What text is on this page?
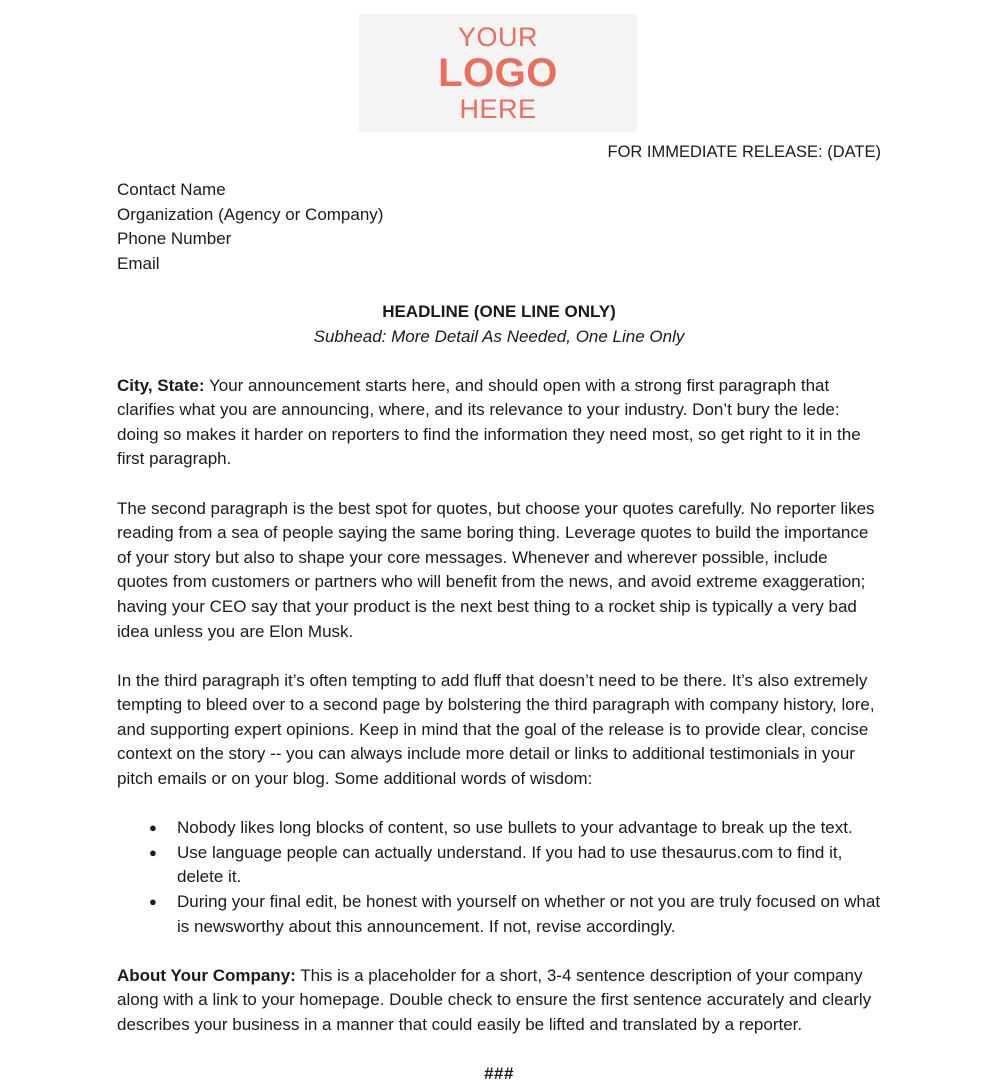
YOUR
LOGO
HERE

FOR IMMEDIATE RELEASE: (DATE)

Contact Name

Organization (Agency or Company)

Phone Number

Email

HEADLINE (ONE LINE ONLY)

Subhead: More Detail As Needed, One Line Only

City, State: Your announcement starts here, and should open with a strong first paragraph that clarifies what you are announcing, where, and its relevance to your industry. Don’t bury the lede: doing so makes it harder on reporters to find the information they need most, so get right to it in the first paragraph.

The second paragraph is the best spot for quotes, but choose your quotes carefully. No reporter likes reading from a sea of people saying the same boring thing. Leverage quotes to build the importance of your story but also to shape your core messages. Whenever and wherever possible, include quotes from customers or partners who will benefit from the news, and avoid extreme exaggeration; having your CEO say that your product is the next best thing to a rocket ship is typically a very bad idea unless you are Elon Musk.

In the third paragraph it’s often tempting to add fluff that doesn’t need to be there. It’s also extremely tempting to bleed over to a second page by bolstering the third paragraph with company history, lore, and supporting expert opinions. Keep in mind that the goal of the release is to provide clear, concise context on the story -- you can always include more detail or links to additional testimonials in your pitch emails or on your blog. Some additional words of wisdom:

● Nobody likes long blocks of content, so use bullets to your advantage to break up the text.
● Use language people can actually understand. If you had to use thesaurus.com to find it, delete it.
● During your final edit, be honest with yourself on whether or not you are truly focused on what is newsworthy about this announcement. If not, revise accordingly.

About Your Company: This is a placeholder for a short, 3-4 sentence description of your company along with a link to your homepage. Double check to ensure the first sentence accurately and clearly describes your business in a manner that could easily be lifted and translated by a reporter.

###
